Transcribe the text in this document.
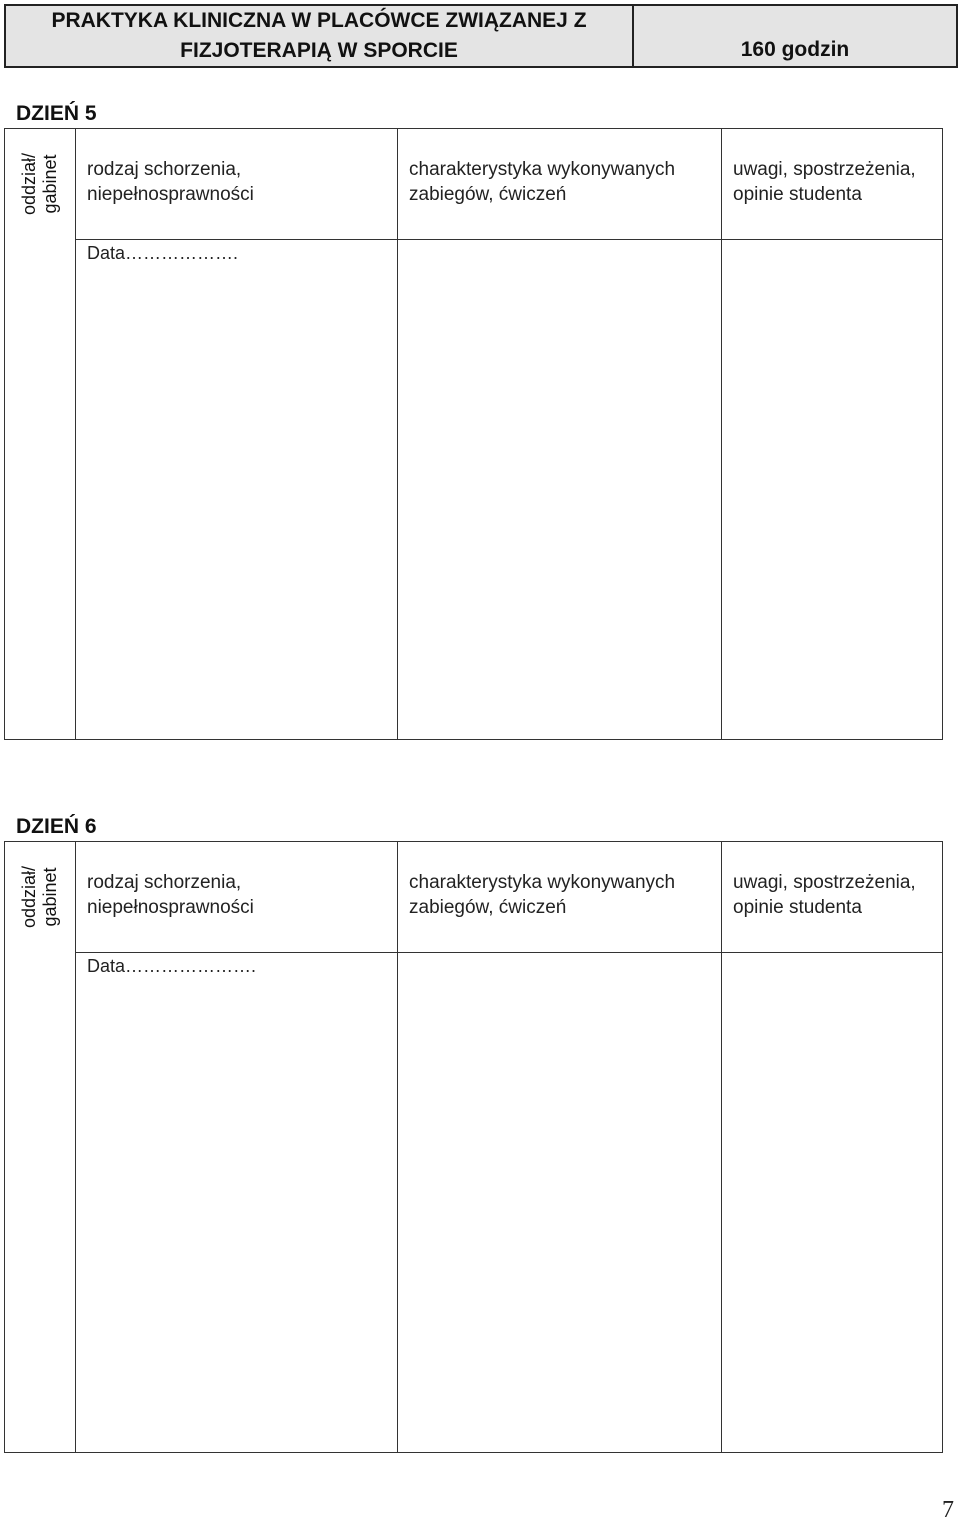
PRAKTYKA KLINICZNA W PLACÓWCE ZWIĄZANEJ Z
FIZJOTERAPIĄ W SPORCIE	160 godzin
DZIEŃ 5
oddział/ gabinet rodzaj schorzenia,
niepełnosprawności
charakterystyka wykonywanych
zabiegów, ćwiczeń
uwagi, spostrzeżenia,
opinie studenta
Data……………….
DZIEŃ 6
oddział/ gabinet rodzaj schorzenia,
niepełnosprawności
charakterystyka wykonywanych
zabiegów, ćwiczeń
uwagi, spostrzeżenia,
opinie studenta
Data………………….
7
